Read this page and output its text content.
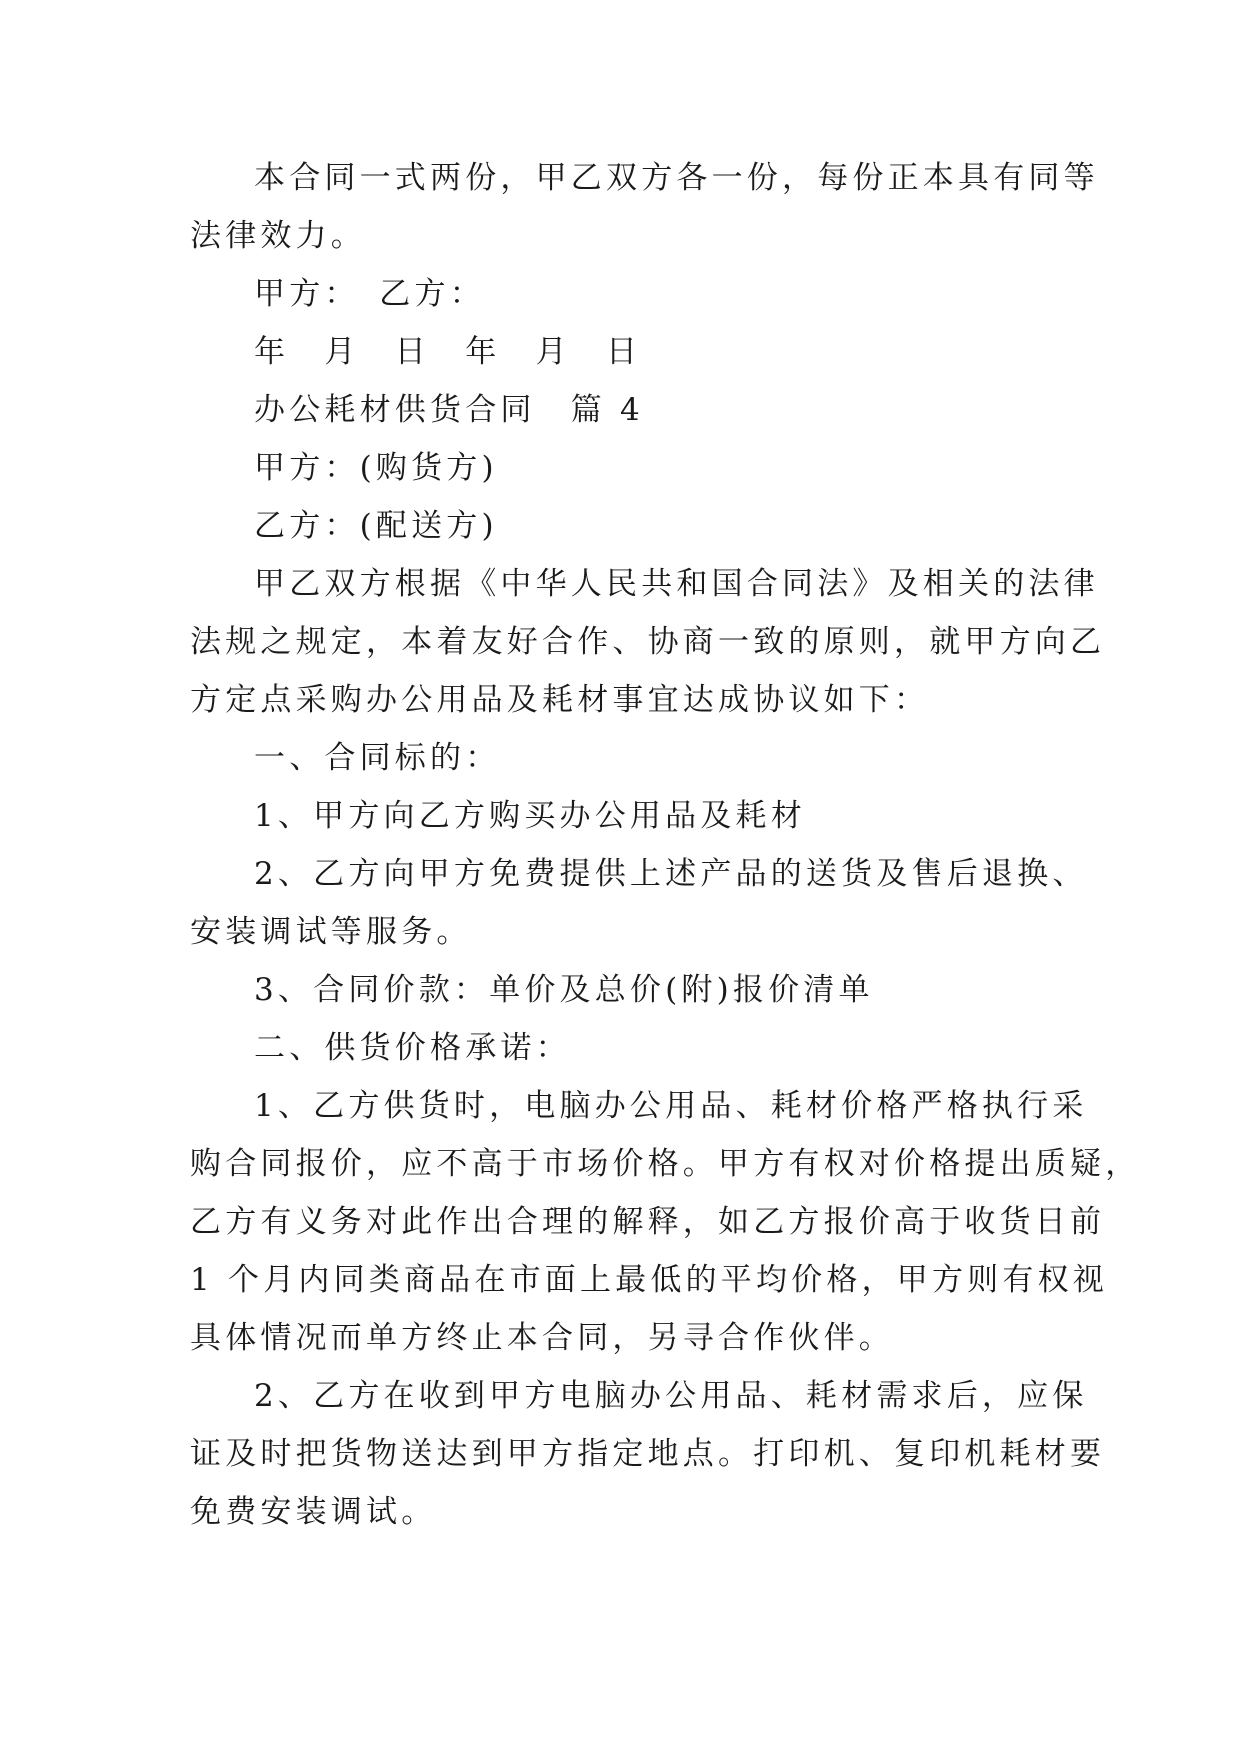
本合同一式两份，甲乙双方各一份，每份正本具有同等
法律效力。
甲方：　乙方：
年　月　日　年　月　日
办公耗材供货合同　篇 4
甲方：(购货方)
乙方：(配送方)
甲乙双方根据《中华人民共和国合同法》及相关的法律
法规之规定，本着友好合作、协商一致的原则，就甲方向乙
方定点采购办公用品及耗材事宜达成协议如下：
一、合同标的：
1、甲方向乙方购买办公用品及耗材
2、乙方向甲方免费提供上述产品的送货及售后退换、
安装调试等服务。
3、合同价款：单价及总价(附)报价清单
二、供货价格承诺：
1、乙方供货时，电脑办公用品、耗材价格严格执行采
购合同报价，应不高于市场价格。甲方有权对价格提出质疑，
乙方有义务对此作出合理的解释，如乙方报价高于收货日前
1 个月内同类商品在市面上最低的平均价格，甲方则有权视
具体情况而单方终止本合同，另寻合作伙伴。
2、乙方在收到甲方电脑办公用品、耗材需求后，应保
证及时把货物送达到甲方指定地点。打印机、复印机耗材要
免费安装调试。
